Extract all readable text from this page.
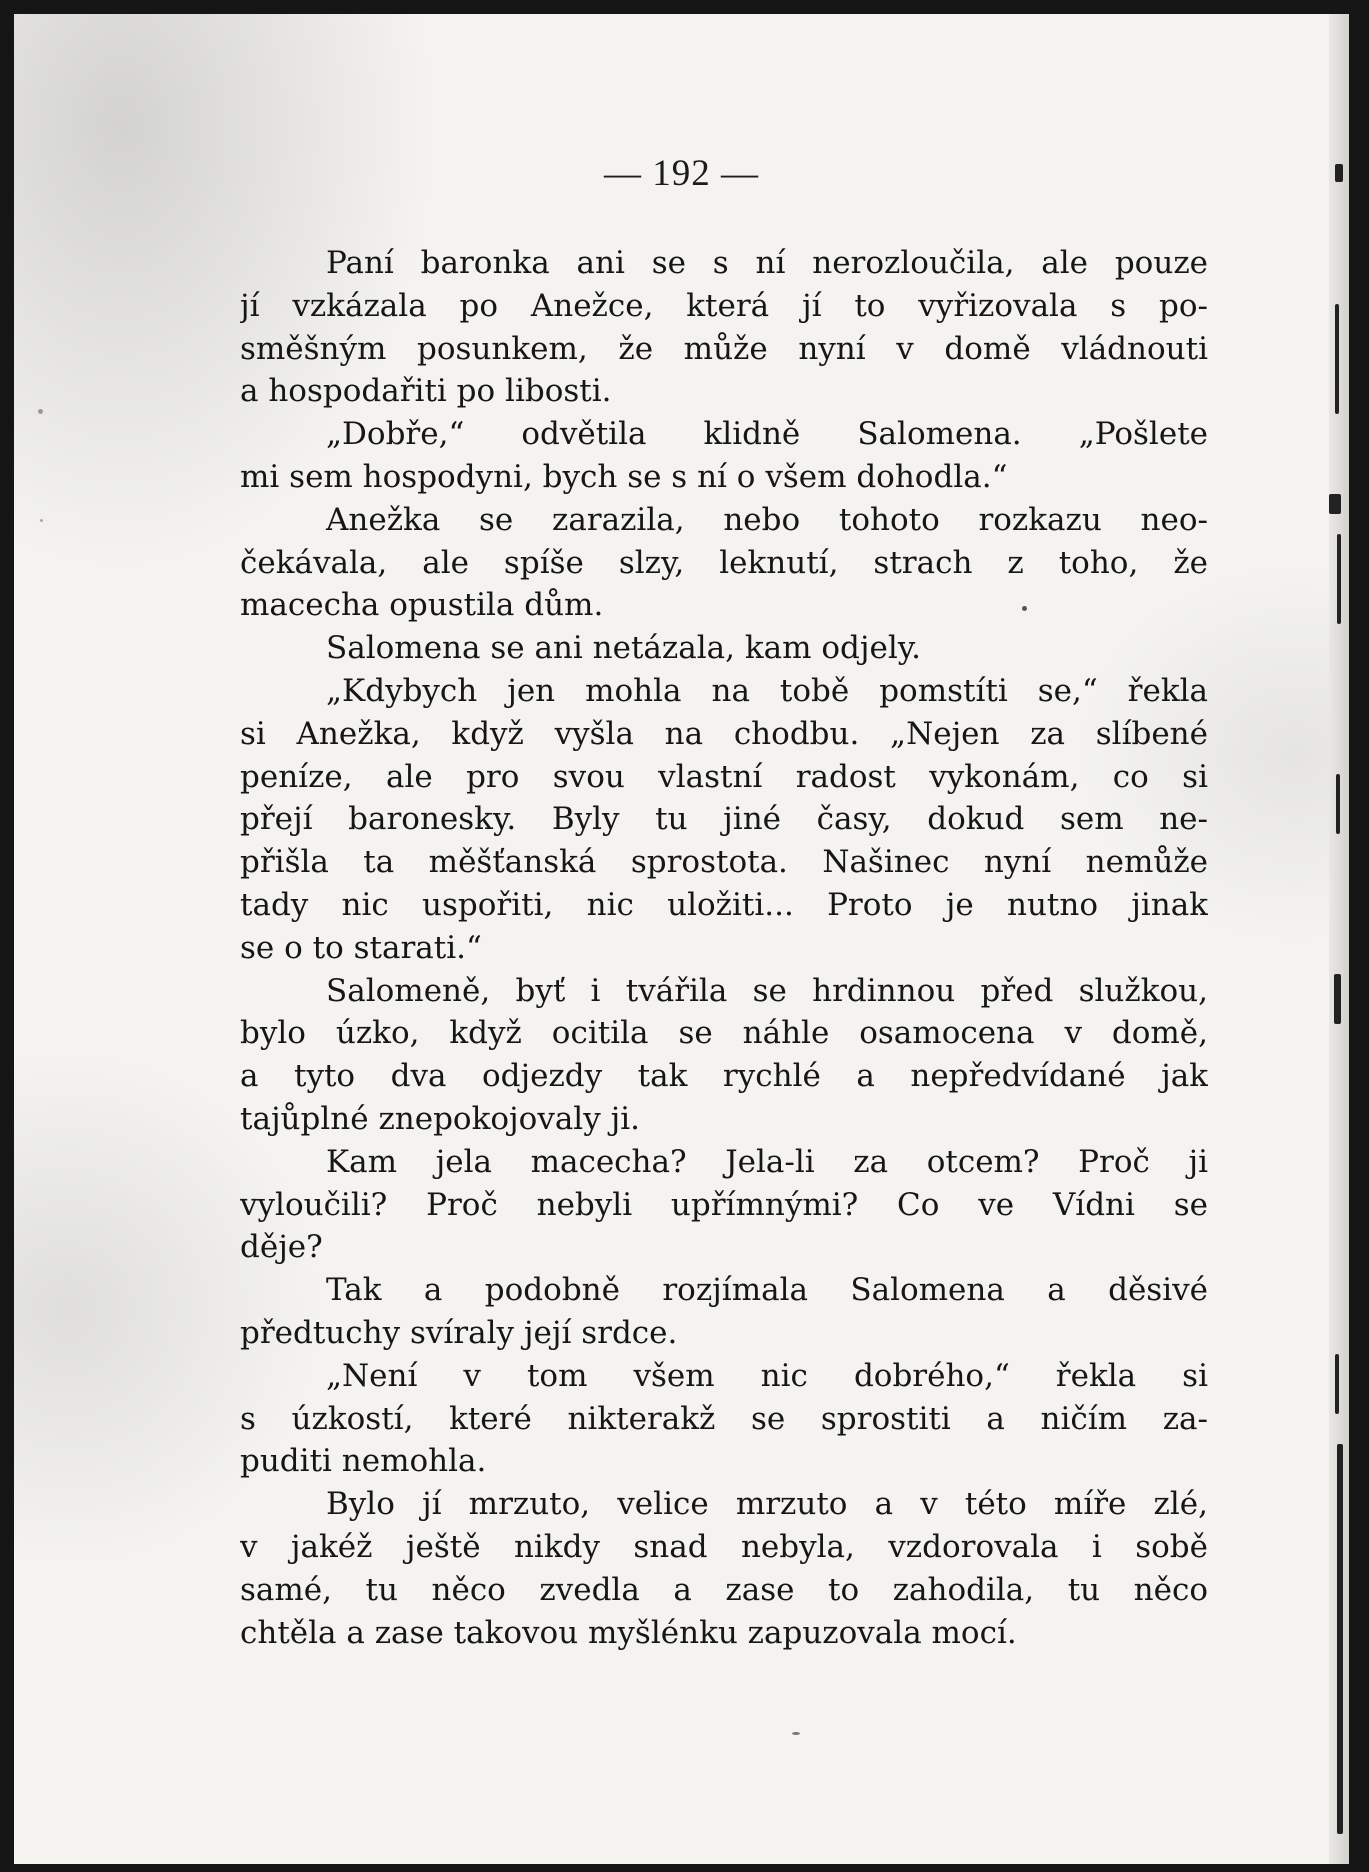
— 192 —

Paní baronka ani se s ní nerozloučila, ale pouze
jí vzkázala po Anežce, která jí to vyřizovala s po-
směšným posunkem, že může nyní v domě vládnouti
a hospodařiti po libosti.
„Dobře,“ odvětila klidně Salomena. „Pošlete
mi sem hospodyni, bych se s ní o všem dohodla.“
Anežka se zarazila, nebo tohoto rozkazu neo-
čekávala, ale spíše slzy, leknutí, strach z toho, že
macecha opustila dům.
Salomena se ani netázala, kam odjely.
„Kdybych jen mohla na tobě pomstíti se,“ řekla
si Anežka, když vyšla na chodbu. „Nejen za slíbené
peníze, ale pro svou vlastní radost vykonám, co si
přejí baronesky. Byly tu jiné časy, dokud sem ne-
přišla ta měšťanská sprostota. Našinec nyní nemůže
tady nic uspořiti, nic uložiti... Proto je nutno jinak
se o to starati.“
Salomeně, byť i tvářila se hrdinnou před služkou,
bylo úzko, když ocitila se náhle osamocena v domě,
a tyto dva odjezdy tak rychlé a nepředvídané jak
tajůplné znepokojovaly ji.
Kam jela macecha? Jela-li za otcem? Proč ji
vyloučili? Proč nebyli upřímnými? Co ve Vídni se
děje?
Tak a podobně rozjímala Salomena a děsivé
předtuchy svíraly její srdce.
„Není v tom všem nic dobrého,“ řekla si
s úzkostí, které nikterakž se sprostiti a ničím za-
puditi nemohla.
Bylo jí mrzuto, velice mrzuto a v této míře zlé,
v jakéž ještě nikdy snad nebyla, vzdorovala i sobě
samé, tu něco zvedla a zase to zahodila, tu něco
chtěla a zase takovou myšlénku zapuzovala mocí.
